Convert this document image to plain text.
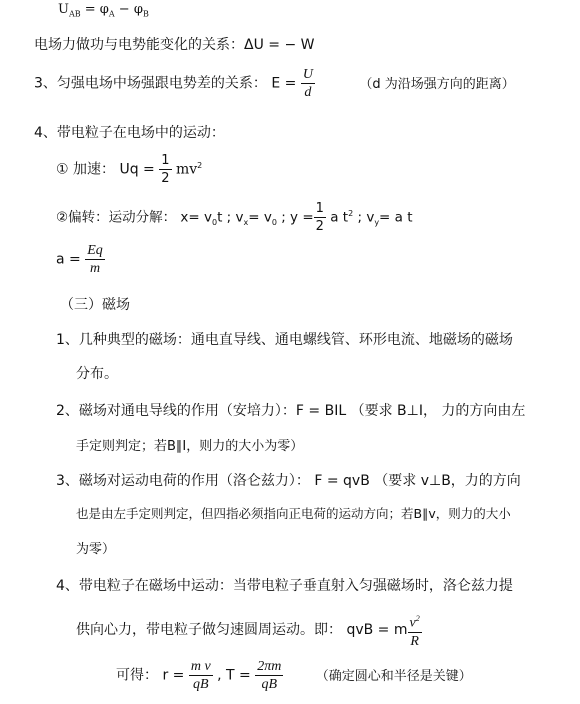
$U_{AB} = \varphi_A - \varphi_B$
电场力做功与电势能变化的关系：ΔU = − W
3、匀强电场中场强跟电势差的关系： $E = \frac{U}{d}$	（d 为沿场强方向的距离）
4、带电粒子在电场中的运动：
① 加速： $Uq = \frac{1}{2} mv^2$
②偏转：运动分解： $x= v_0t$ ; $v_x= v_0$ ; $y = \frac{1}{2}$ a $t^2$ ; $v_y= a$ t
$a = \frac{Eq}{m}$
（三）磁场
1、几种典型的磁场：通电直导线、通电螺线管、环形电流、地磁场的磁场
分布。
2、磁场对通电导线的作用（安培力）：F = BIL （要求 B⊥I， 力的方向由左
手定则判定；若B∥I，则力的大小为零）
3、磁场对运动电荷的作用（洛仑兹力）： F = qvB （要求 v⊥B，力的方向
也是由左手定则判定，但四指必须指向正电荷的运动方向；若B∥v，则力的大小
为零）
4、带电粒子在磁场中运动：当带电粒子垂直射入匀强磁场时，洛仑兹力提
供向心力，带电粒子做匀速圆周运动。即： qvB = m $\frac{v^2}{R}$
可得： $r = \frac{\text{m v}}{qB}$ , $T = \frac{2\pi m}{qB}$ （确定圆心和半径是关键）
